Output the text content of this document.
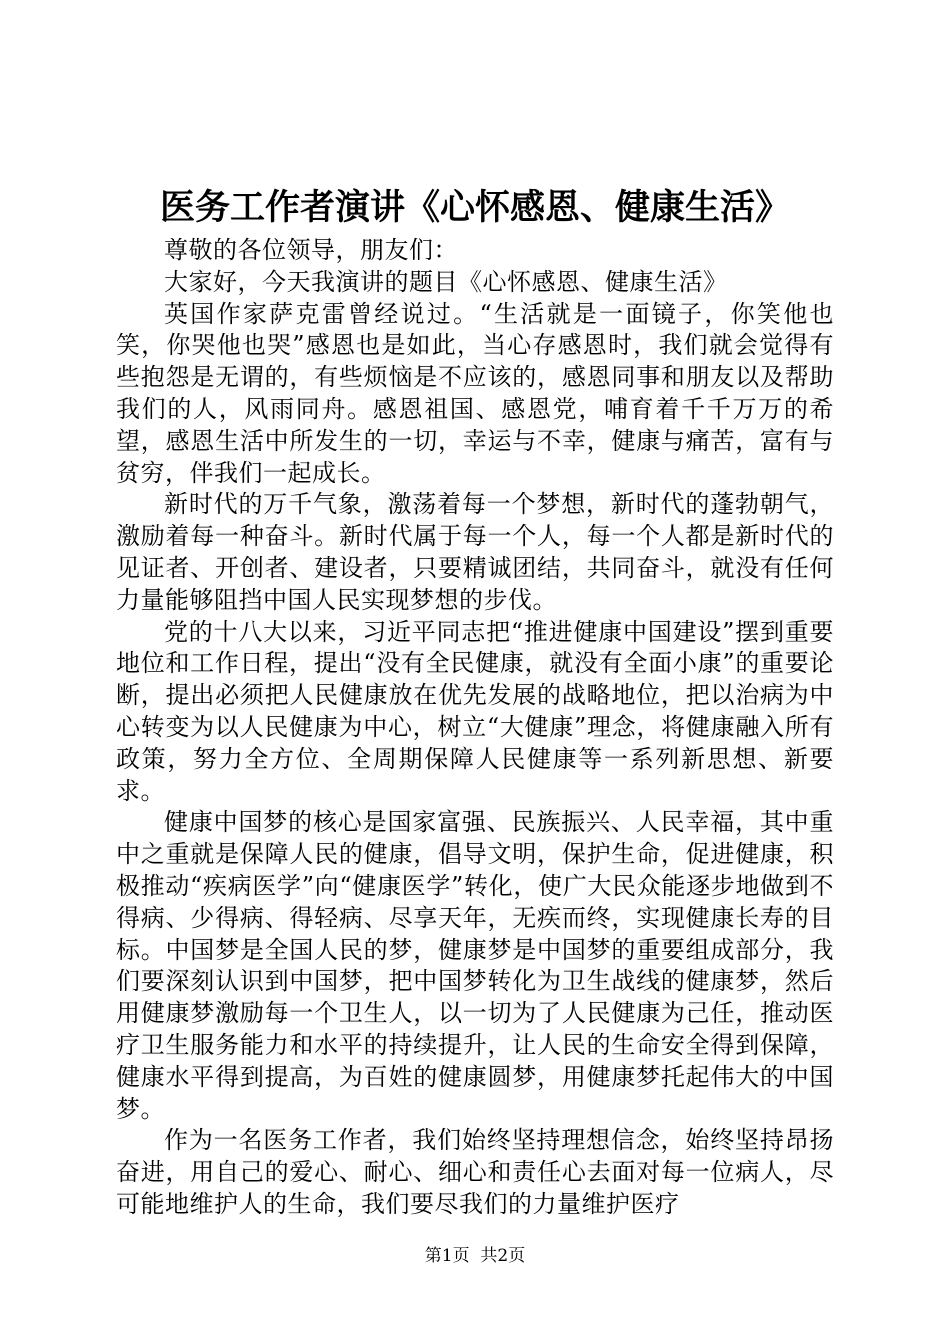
医务工作者演讲《心怀感恩、健康生活》

尊敬的各位领导，朋友们：

大家好，今天我演讲的题目《心怀感恩、健康生活》

英国作家萨克雷曾经说过。“生活就是一面镜子，你笑他也笑，你哭他也哭”感恩也是如此，当心存感恩时，我们就会觉得有些抱怨是无谓的，有些烦恼是不应该的，感恩同事和朋友以及帮助我们的人，风雨同舟。感恩祖国、感恩党，哺育着千千万万的希望，感恩生活中所发生的一切，幸运与不幸，健康与痛苦，富有与贫穷，伴我们一起成长。

新时代的万千气象，激荡着每一个梦想，新时代的蓬勃朝气，激励着每一种奋斗。新时代属于每一个人，每一个人都是新时代的见证者、开创者、建设者，只要精诚团结，共同奋斗，就没有任何力量能够阻挡中国人民实现梦想的步伐。

党的十八大以来，习近平同志把“推进健康中国建设”摆到重要地位和工作日程，提出“没有全民健康，就没有全面小康”的重要论断，提出必须把人民健康放在优先发展的战略地位，把以治病为中心转变为以人民健康为中心，树立“大健康”理念，将健康融入所有政策，努力全方位、全周期保障人民健康等一系列新思想、新要求。

健康中国梦的核心是国家富强、民族振兴、人民幸福，其中重中之重就是保障人民的健康，倡导文明，保护生命，促进健康，积极推动“疾病医学”向“健康医学”转化，使广大民众能逐步地做到不得病、少得病、得轻病、尽享天年，无疾而终，实现健康长寿的目标。中国梦是全国人民的梦，健康梦是中国梦的重要组成部分，我们要深刻认识到中国梦，把中国梦转化为卫生战线的健康梦，然后用健康梦激励每一个卫生人，以一切为了人民健康为己任，推动医疗卫生服务能力和水平的持续提升，让人民的生命安全得到保障，健康水平得到提高，为百姓的健康圆梦，用健康梦托起伟大的中国梦。

作为一名医务工作者，我们始终坚持理想信念，始终坚持昂扬奋进，用自己的爱心、耐心、细心和责任心去面对每一位病人，尽可能地维护人的生命，我们要尽我们的力量维护医疗

第1页 共2页
